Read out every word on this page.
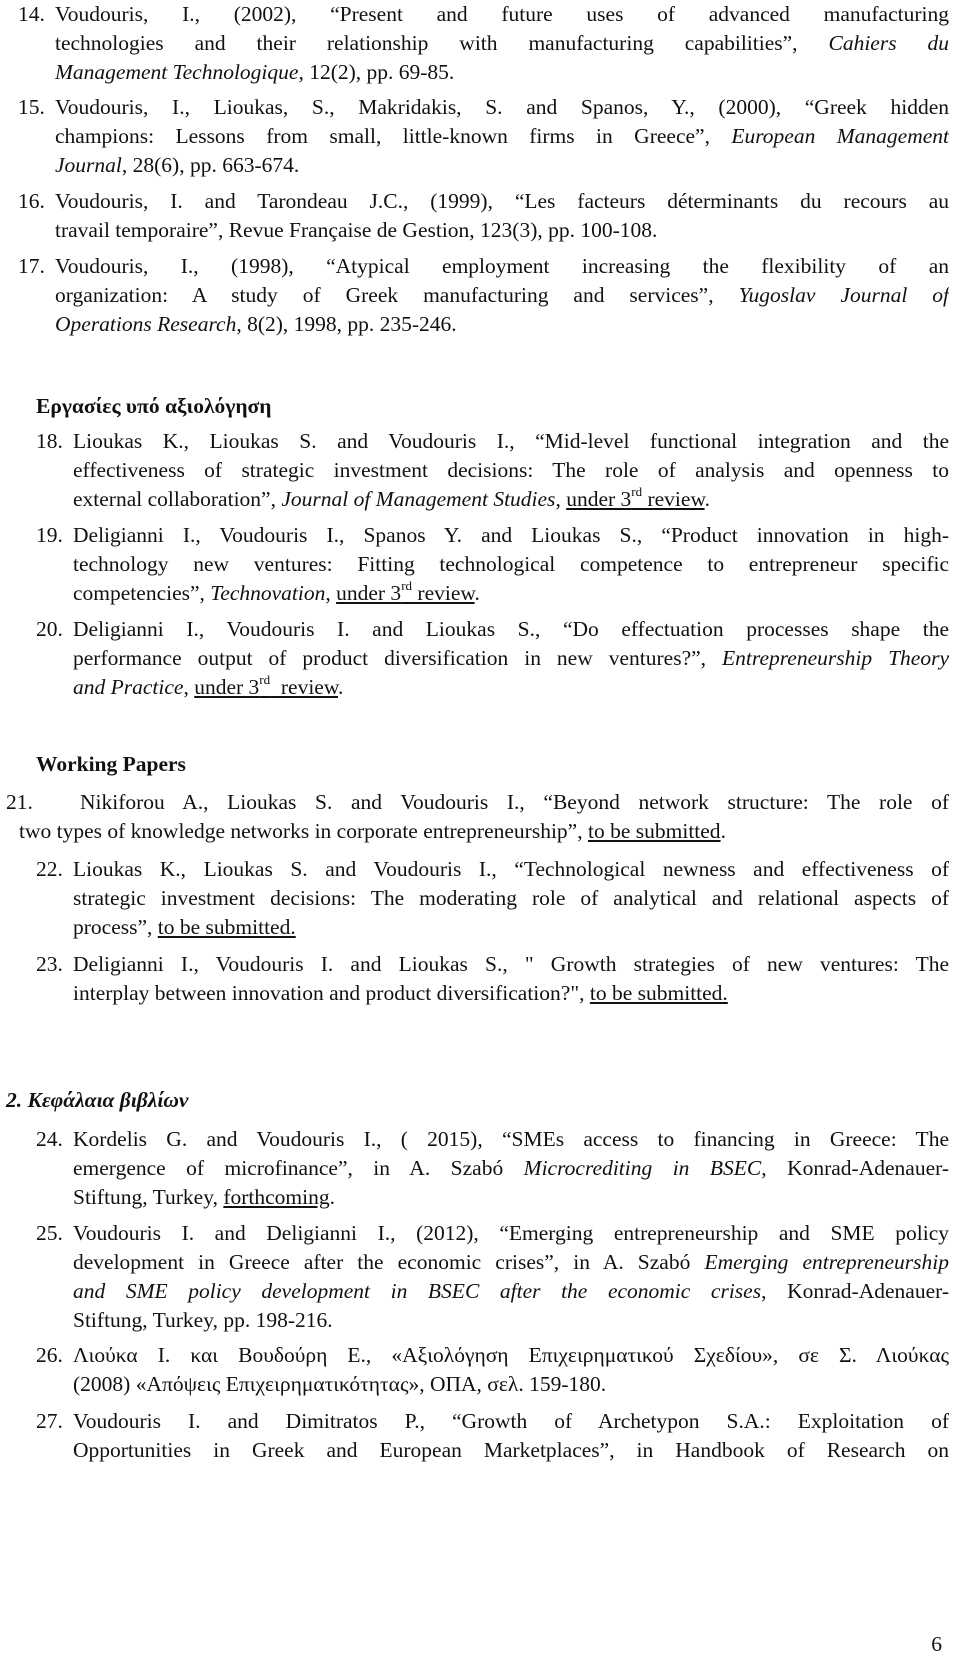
14. Voudouris, I., (2002), “Present and future uses of advanced manufacturing
technologies and their relationship with manufacturing capabilities”, Cahiers du
Management Technologique, 12(2), pp. 69-85.
15. Voudouris, I., Lioukas, S., Makridakis, S. and Spanos, Y., (2000), “Greek hidden
champions: Lessons from small, little-known firms in Greece”, European Management
Journal, 28(6), pp. 663-674.
16. Voudouris, I. and Tarondeau J.C., (1999), “Les facteurs déterminants du recours au
travail temporaire”, Revue Française de Gestion, 123(3), pp. 100-108.
17. Voudouris, I., (1998), “Atypical employment increasing the flexibility of an
organization: A study of Greek manufacturing and services”, Yugoslav Journal of
Operations Research, 8(2), 1998, pp. 235-246.
Εργασίες υπό αξιολόγηση
18. Lioukas K., Lioukas S. and Voudouris I., “Mid-level functional integration and the
effectiveness of strategic investment decisions: The role of analysis and openness to
external collaboration”, Journal of Management Studies, under 3rd review.
19. Deligianni I., Voudouris I., Spanos Y. and Lioukas S., “Product innovation in high-
technology new ventures: Fitting technological competence to entrepreneur specific
competencies”, Technovation, under 3rd review.
20. Deligianni I., Voudouris I. and Lioukas S., “Do effectuation processes shape the
performance output of product diversification in new ventures?”, Entrepreneurship Theory
and Practice, under 3rd  review.
Working Papers
21. Nikiforou A., Lioukas S. and Voudouris I., “Beyond network structure: The role of
two types of knowledge networks in corporate entrepreneurship”, to be submitted.
22. Lioukas K., Lioukas S. and Voudouris I., “Technological newness and effectiveness of
strategic investment decisions: The moderating role of analytical and relational aspects of
process”, to be submitted.
23. Deligianni I., Voudouris I. and Lioukas S., " Growth strategies of new ventures: The
interplay between innovation and product diversification?", to be submitted.
2. Κεφάλαια βιβλίων
24. Kordelis G. and Voudouris I., ( 2015), “SMEs access to financing in Greece: The
emergence of microfinance”, in A. Szabó Microcrediting in BSEC, Konrad-Adenauer-
Stiftung, Turkey, forthcoming.
25. Voudouris I. and Deligianni I., (2012), “Emerging entrepreneurship and SME policy
development in Greece after the economic crises”, in A. Szabó Emerging entrepreneurship
and SME policy development in BSEC after the economic crises, Konrad-Adenauer-
Stiftung, Turkey, pp. 198-216.
26. Λιούκα Ι. και Βουδούρη Ε., «Αξιολόγηση Επιχειρηματικού Σχεδίου», σε Σ. Λιούκας
(2008) «Απόψεις Επιχειρηματικότητας», ΟΠΑ, σελ. 159-180.
27. Voudouris I. and Dimitratos P., “Growth of Archetypon S.A.: Exploitation of
Opportunities in Greek and European Marketplaces”, in Handbook of Research on
6
